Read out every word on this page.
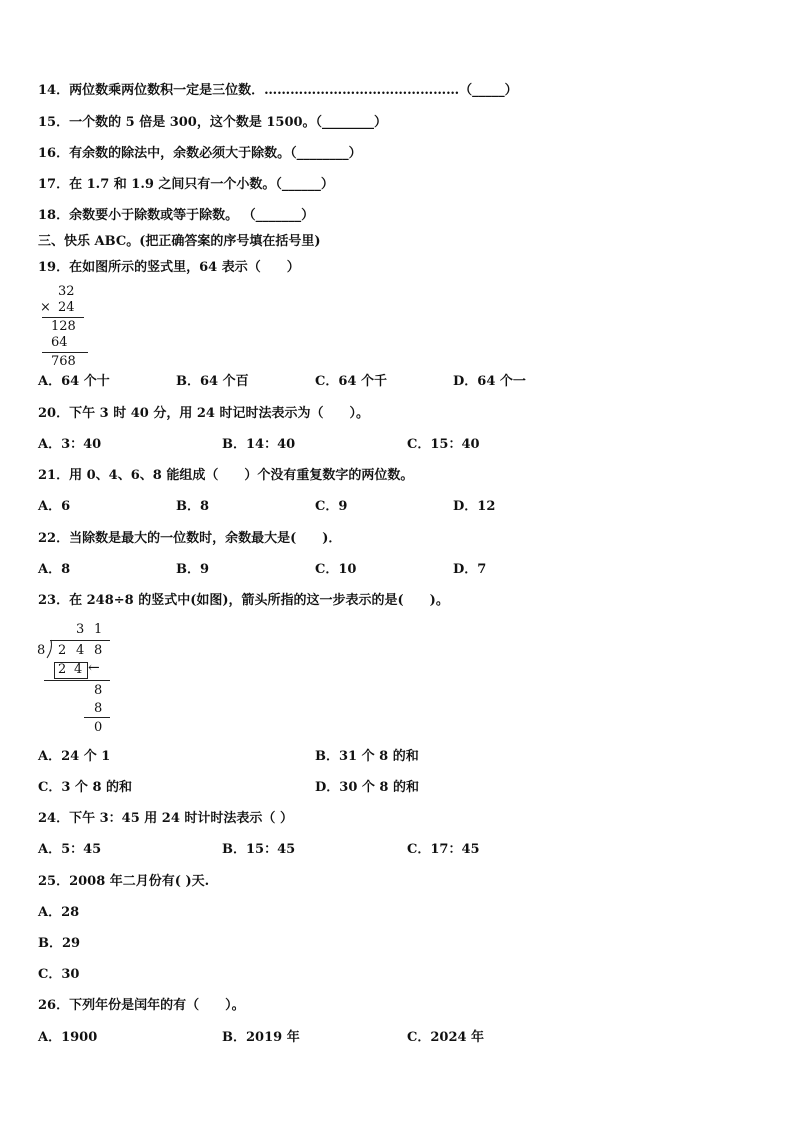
14．两位数乘两位数积一定是三位数．………………………………………（_____）
15．一个数的 5 倍是 300，这个数是 1500。（________）
16．有余数的除法中，余数必须大于除数。（________）
17．在 1.7 和 1.9 之间只有一个小数。（______）
18．余数要小于除数或等于除数。 （_______）
三、快乐 ABC。(把正确答案的序号填在括号里)
19．在如图所示的竖式里，64 表示（　　）
32
× 24
128
64
768
A．64 个十	B．64 个百	C．64 个千	D．64 个一
20．下午 3 时 40 分，用 24 时记时法表示为（　　）。
A．3：40	B．14：40	C．15：40
21．用 0、4、6、8 能组成（　　）个没有重复数字的两位数。
A．6	B．8	C．9	D．12
22．当除数是最大的一位数时，余数最大是(　　)．
A．8	B．9	C．10	D．7
23．在 248÷8 的竖式中(如图)，箭头所指的这一步表示的是(　　)。
3 1
8 2 4 8
2 4 ←
8
8
0
A．24 个 1	B．31 个 8 的和
C．3 个 8 的和	D．30 个 8 的和
24．下午 3：45 用 24 时计时法表示（ ）
A．5：45	B．15：45	C．17：45
25．2008 年二月份有( )天.
A．28
B．29
C．30
26．下列年份是闰年的有（　　）。
A．1900	B．2019 年	C．2024 年
